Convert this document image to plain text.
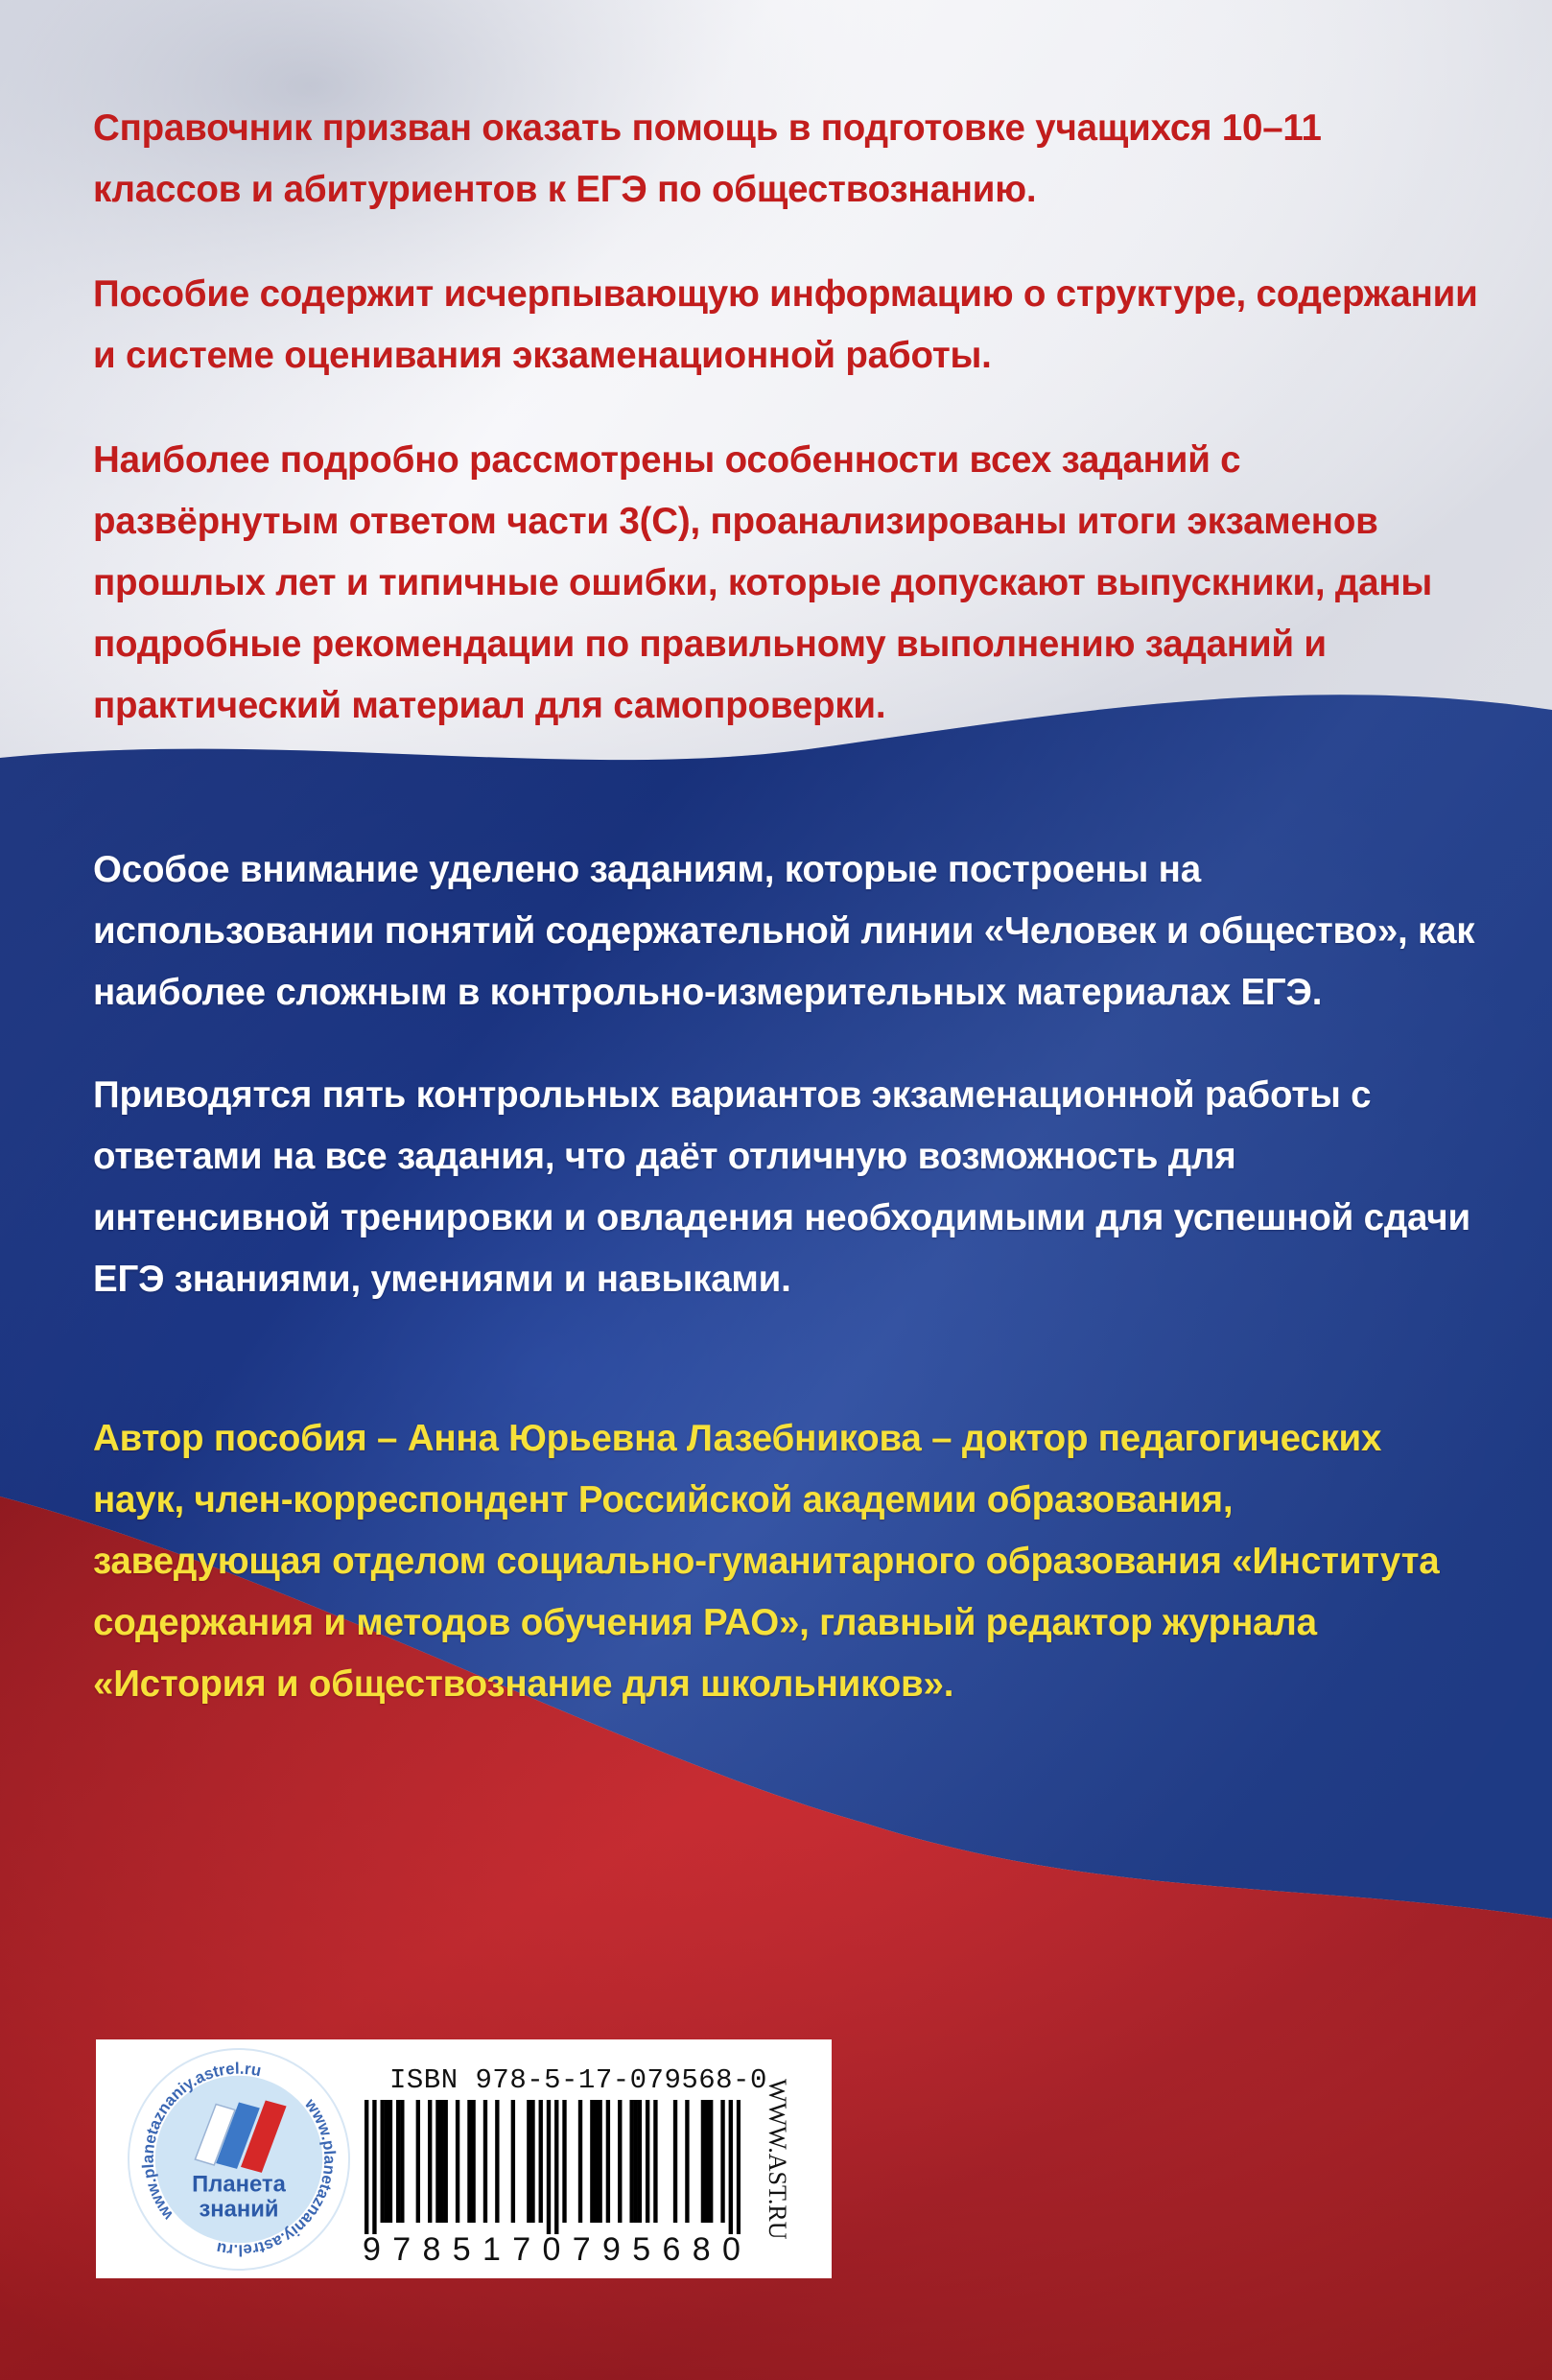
Справочник призван оказать помощь в подготовке учащихся 10–11
классов и абитуриентов к ЕГЭ по обществознанию.

Пособие содержит исчерпывающую информацию о структуре, содержании
и системе оценивания экзаменационной работы.

Наиболее подробно рассмотрены особенности всех заданий с
развёрнутым ответом части 3(С), проанализированы итоги экзаменов
прошлых лет и типичные ошибки, которые допускают выпускники, даны
подробные рекомендации по правильному выполнению заданий и
практический материал для самопроверки.

Особое внимание уделено заданиям, которые построены на
использовании понятий содержательной линии «Человек и общество», как
наиболее сложным в контрольно-измерительных материалах ЕГЭ.

Приводятся пять контрольных вариантов экзаменационной работы с
ответами на все задания, что даёт отличную возможность для
интенсивной тренировки и овладения необходимыми для успешной сдачи
ЕГЭ знаниями, умениями и навыками.

Автор пособия – Анна Юрьевна Лазебникова – доктор педагогических
наук, член-корреспондент Российской академии образования,
заведующая отделом социально-гуманитарного образования «Института
содержания и методов обучения РАО», главный редактор журнала
«История и обществознание для школьников».

www.planetaznaniy.astrel.ru
www.planetaznaniy.astrel.ru
Планета
знаний

ISBN 978-5-17-079568-0

9 7 8 5 1 7 0 7 9 5 6 8 0
WWW.AST.RU
